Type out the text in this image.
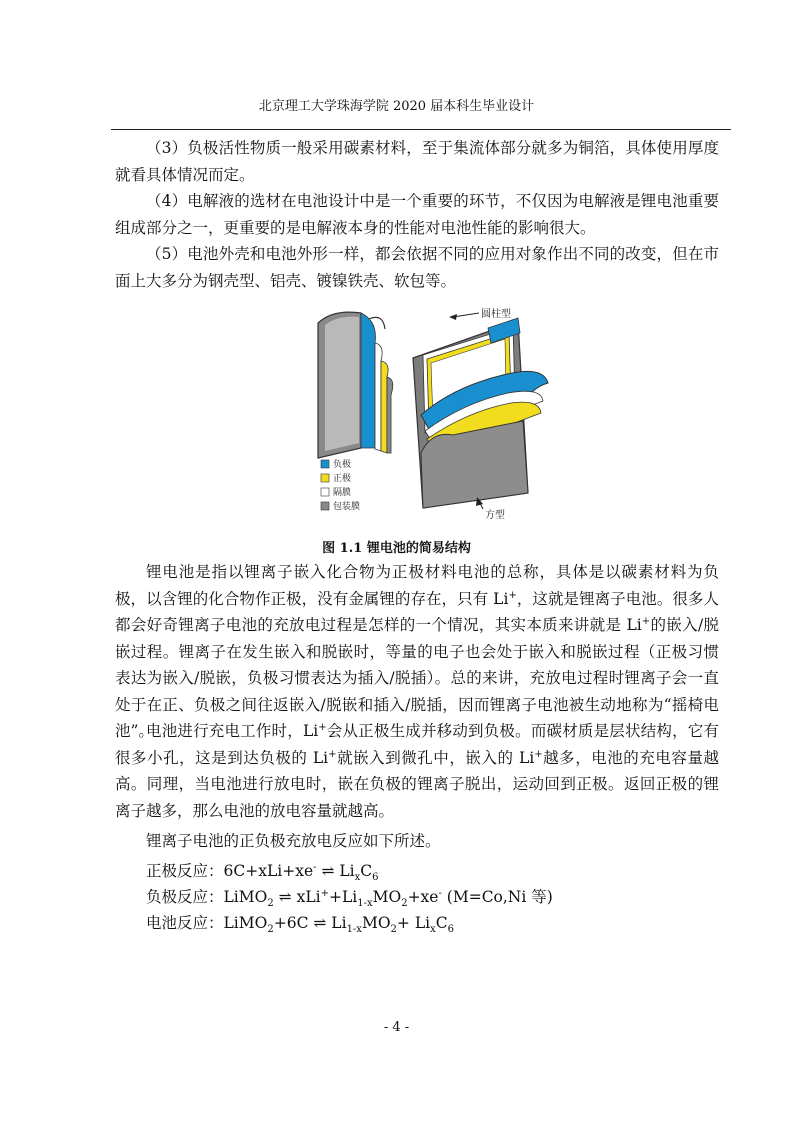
北京理工大学珠海学院 2020 届本科生毕业设计

（3）负极活性物质一般采用碳素材料，至于集流体部分就多为铜箔，具体使用厚度就看具体情况而定。

（4）电解液的选材在电池设计中是一个重要的环节，不仅因为电解液是锂电池重要组成部分之一，更重要的是电解液本身的性能对电池性能的影响很大。

（5）电池外壳和电池外形一样，都会依据不同的应用对象作出不同的改变，但在市面上大多分为钢壳型、铝壳、镀镍铁壳、软包等。

圆柱型
方型
负极
正极
隔膜
包装膜
图 1.1 锂电池的简易结构

锂电池是指以锂离子嵌入化合物为正极材料电池的总称，具体是以碳素材料为负极，以含锂的化合物作正极，没有金属锂的存在，只有 Li+，这就是锂离子电池。很多人都会好奇锂离子电池的充放电过程是怎样的一个情况，其实本质来讲就是 Li+的嵌入/脱嵌过程。锂离子在发生嵌入和脱嵌时，等量的电子也会处于嵌入和脱嵌过程（正极习惯表达为嵌入/脱嵌，负极习惯表达为插入/脱插）。总的来讲，充放电过程时锂离子会一直处于在正、负极之间往返嵌入/脱嵌和插入/脱插，因而锂离子电池被生动地称为“摇椅电池”。

电池进行充电工作时，Li+会从正极生成并移动到负极。而碳材质是层状结构，它有很多小孔，这是到达负极的 Li+就嵌入到微孔中，嵌入的 Li+越多，电池的充电容量越高。同理，当电池进行放电时，嵌在负极的锂离子脱出，运动回到正极。返回正极的锂离子越多，那么电池的放电容量就越高。

锂离子电池的正负极充放电反应如下所述。

正极反应：6C+xLi+xe- ⇌ $Li_xC_6$
负极反应：LiMO$_2$ ⇌ $xLi^++Li_{1-x}MO_2+xe^-$ (M=Co,Ni 等)
电池反应：LiMO$_2$+6C ⇌ $Li_{1-x}MO_2+ Li_xC_6$
- 4 -
